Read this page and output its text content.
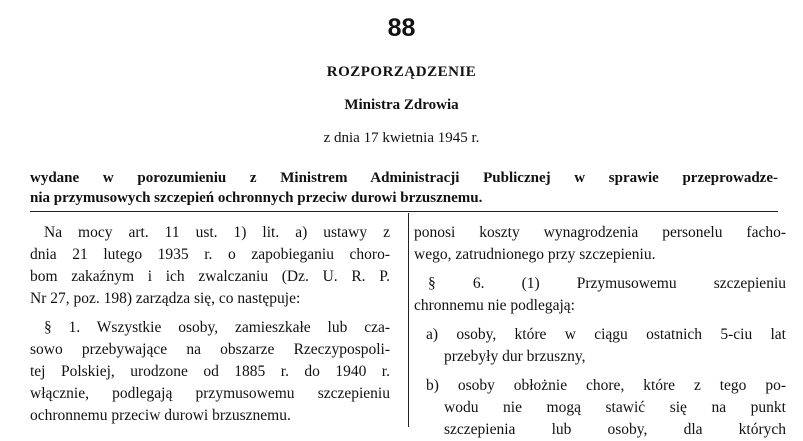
88
ROZPORZĄDZENIE
Ministra Zdrowia
z dnia 17 kwietnia 1945 r.
wydane w porozumieniu z Ministrem Administracji Publicznej w sprawie przeprowadze-
nia przymusowych szczepień ochronnych przeciw durowi brzusznemu.
Na mocy art. 11 ust. 1) lit. a) ustawy z
dnia 21 lutego 1935 r. o zapobieganiu choro-
bom zakaźnym i ich zwalczaniu (Dz. U. R. P.
Nr 27, poz. 198) zarządza się, co następuje:
§ 1. Wszystkie osoby, zamieszkałe lub cza-
sowo przebywające na obszarze Rzeczypospoli-
tej Polskiej, urodzone od 1885 r. do 1940 r.
włącznie, podlegają przymusowemu szczepieniu
ochronnemu przeciw durowi brzusznemu.
ponosi koszty wynagrodzenia personelu facho-
wego, zatrudnionego przy szczepieniu.
§ 6. (1) Przymusowemu szczepieniu
chronnemu nie podlegają:
a) osoby, które w ciągu ostatnich 5-ciu lat
przebyły dur brzuszny,
b) osoby obłożnie chore, które z tego po-
wodu nie mogą stawić się na punkt
szczepienia lub osoby, dla których
